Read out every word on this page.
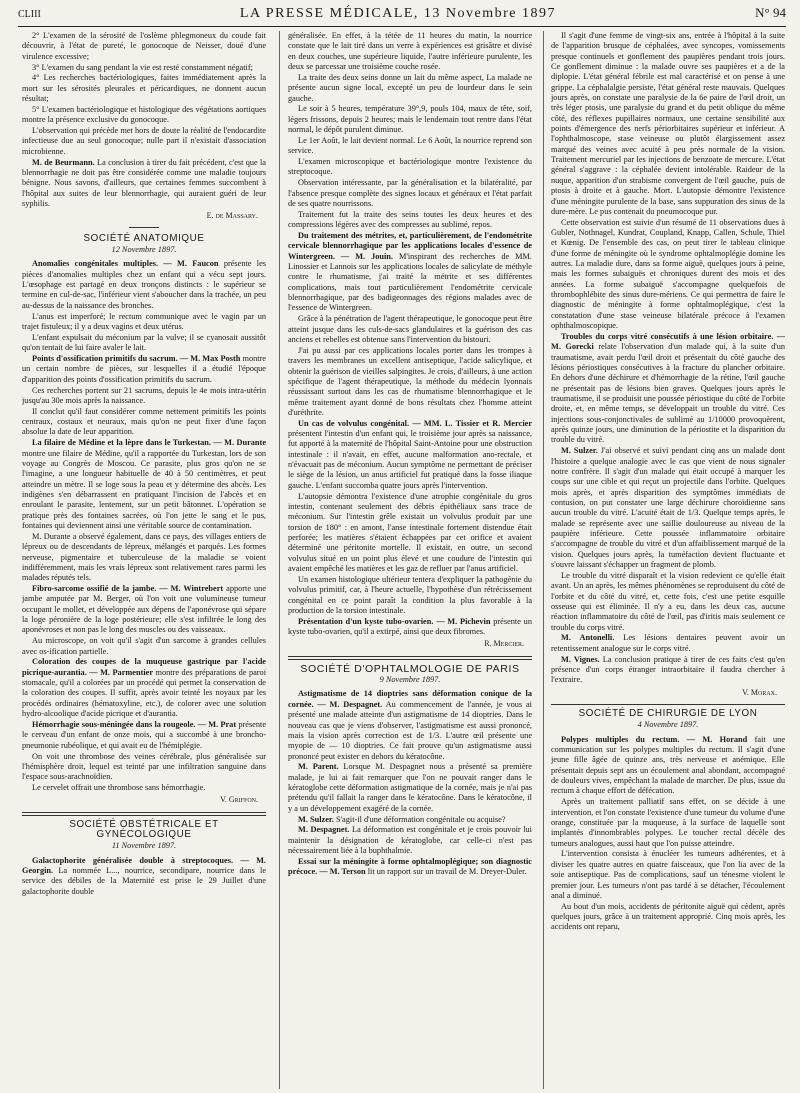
CLIII	LA PRESSE MÉDICALE, 13 Novembre 1897	N° 94

2° L'examen de la sérosité de l'oslème phlegmoneux du coude fait découvrir, à l'état de pureté, le gonocoque de Neisser, doué d'une virulence excessive;

3° L'examen du sang pendant la vie est resté constamment négatif;

4° Les recherches bactériologiques, faites immédiatement après la mort sur les sérosités pleurales et péricardiques, ne donnent aucun résultat;

5° L'examen bactériologique et histologique des végétations aortiques montre la présence exclusive du gonocoque.

L'observation qui précède met hors de doute la réalité de l'endocardite infectieuse due au seul gonocoque; nulle part il n'existait d'association microbienne.

M. de Beurmann. La conclusion à tirer du fait précédent, c'est que la blennorrhagie ne doit pas être considérée comme une maladie toujours bénigne. Nous savons, d'ailleurs, que certaines femmes succombent à l'hôpital aux suites de leur blennorrhagie, qui auraient guéri de leur syphilis.

E. de Massary.

SOCIÉTÉ ANATOMIQUE

12 Novembre 1897.

Anomalies congénitales multiples. — M. Faucon présente les pièces d'anomalies multiples chez un enfant qui a vécu sept jours. L'œsophage est partagé en deux tronçons distincts : le supérieur se termine en cul-de-sac, l'inférieur vient s'aboucher dans la trachée, un peu au-dessus de la naissance des bronches.

L'anus est imperforé; le rectum communique avec le vagin par un trajet fistuleux; il y a deux vagins et deux utérus.

L'enfant expulsait du méconium par la vulve; il se cyanosait aussitôt qu'on tentait de lui faire avaler le lait.

Points d'ossification primitifs du sacrum. — M. Max Posth montre un certain nombre de pièces, sur lesquelles il a étudié l'époque d'apparition des points d'ossification primitifs du sacrum.

Ces recherches portent sur 21 sacrums, depuis le 4e mois intra-utérin jusqu'au 30e mois après la naissance.

Il conclut qu'il faut considérer comme nettement primitifs les points centraux, costaux et neuraux, mais qu'on ne peut fixer d'une façon absolue la date de leur apparition.

La filaire de Médine et la lèpre dans le Turkestan. — M. Durante montre une filaire de Médine, qu'il a rapportée du Turkestan, lors de son voyage au Congrès de Moscou. Ce parasite, plus gros qu'on ne se l'imagine, a une longueur habituelle de 40 à 50 centimètres, et peut atteindre un mètre. Il se loge sous la peau et y détermine des abcès. Les indigènes s'en débarrassent en pratiquant l'incision de l'abcès et en enroulant le parasite, lentement, sur un petit bâtonnet. L'opération se pratique près des fontaines sacrées, où l'on jette le sang et le pus, fontaines qui deviennent ainsi une véritable source de contamination.

M. Durante a observé également, dans ce pays, des villages entiers de lépreux ou de descendants de lépreux, mélangés et parqués. Les formes nerveuse, pigmentaire et tuberculeuse de la maladie se voient indifféremment, mais les vrais lépreux sont relativement rares parmi les malades réputés tels.

Fibro-sarcome ossifié de la jambe. — M. Wintrebert apporte une jambe amputée par M. Berger, où l'on voit une volumineuse tumeur occupant le mollet, et développée aux dépens de l'aponévrose qui sépare la loge péronière de la loge postérieure; elle s'est infiltrée le long des aponévroses et non pas le long des muscles ou des vaisseaux.

Au microscope, on voit qu'il s'agit d'un sarcome à grandes cellules avec os-ification partielle.

Coloration des coupes de la muqueuse gastrique par l'acide picrique-aurantia. — M. Parmentier montre des préparations de paroi stomacale, qu'il a colorées par un procédé qui permet la conservation de la coloration des coupes. Il suffit, après avoir teinté les noyaux par les procédés ordinaires (hématoxyline, etc.), de colorer avec une solution hydro-alcoolique d'acide picrique et d'aurantia.

Hémorrhagie sous-méningée dans la rougeole. — M. Prat présente le cerveau d'un enfant de onze mois, qui a succombé à une broncho-pneumonie rubéolique, et qui avait eu de l'hémiplégie.

On voit une thrombose des veines cérébrale, plus généralisée sur l'hémisphère droit, lequel est teinté par une infiltration sanguine dans l'espace sous-arachnoïdien.

Le cervelet offrait une thrombose sans hémorrhagie.

V. Griffon.

SOCIÉTÉ OBSTÉTRICALE ET GYNÉCOLOGIQUE

11 Novembre 1897.

Galactophorite généralisée double à streptocoques. — M. Georgin. La nommée L..., nourrice, secondipare, nourrice dans le service des débiles de la Maternité est prise le 29 Juillet d'une galactophorite double

généralisée. En effet, à la tétée de 11 heures du matin, la nourrice constate que le lait tiré dans un verre à expériences est grisâtre et divisé en deux couches, une supérieure liquide, l'autre inférieure purulente, les deux se parcessar une troisième couche rosée.

La traite des deux seins donne un lait du même aspect, La malade ne présente aucun signe local, excepté un peu de lourdeur dans le sein gauche.

Le soir à 5 heures, température 39°,9, pouls 104, maux de tête, soif, légers frissons, depuis 2 heures; mais le lendemain tout rentre dans l'état normal, le dépôt purulent diminue.

Le 1er Août, le lait devient normal. Le 6 Août, la nourrice reprend son service.

L'examen microscopique et bactériologique montre l'existence du streptocoque.

Observation intéressante, par la généralisation et la bilatéralité, par l'absence presque complète des signes locaux et généraux et l'état parfait de ses quatre nourrissons.

Traitement fut la traite des seins toutes les deux heures et des compressions légères avec des compresses au sublimé, repos.

Du traitement des métrites, et, particulièrement, de l'endométrite cervicale blennorrhagique par les applications locales d'essence de Wintergreen. — M. Jouin. M'inspirant des recherches de MM. Linossier et Lannois sur les applications locales de salicylate de méthyle contre le rhumatisme, j'ai traité la métrite et ses différentes complications, mais tout particulièrement l'endométrite cervicale blennorrhagique, par des badigeonnages des régions malades avec de l'essence de Wintergreen.

Grâce à la pénétration de l'agent thérapeutique, le gonocoque peut être atteint jusque dans les culs-de-sacs glandulaires et la guérison des cas anciens et rebelles est obtenue sans l'intervention du bistouri.

J'ai pu aussi par ces applications locales porter dans les trompes à travers les membranes un excellent antiseptique, l'acide salicylique, et obtenir la guérison de vieilles salpingites. Je crois, d'ailleurs, à une action spécifique de l'agent thérapeutique, la méthode du médecin lyonnais réussissant surtout dans les cas de rhumatisme blennorrhagique et le même traitement ayant donné de bons résultats chez l'homme atteint d'uréthrite.

Un cas de volvulus congénital. — MM. L. Tissier et R. Mercier présentent l'intestin d'un enfant qui, le troisième jour après sa naissance, fut apporté à la maternité de l'hôpital Saint-Antoine pour une obstruction intestinale : il n'avait, en effet, aucune malformation ano-rectale, et n'évacuait pas de méconium. Aucun symptôme ne permettant de préciser le siège de la lésion, un anus artificiel fut pratiqué dans la fosse iliaque gauche. L'enfant succomba quatre jours après l'intervention.

L'autopsie démontra l'existence d'une atrophie congénitale du gros intestin, contenant seulement des débris épithéliaux sans trace de méconium. Sur l'intestin grêle existait un volvulus produit par une torsion de 180° : en amont, l'anse intestinale fortement distendue était perforée; les matières s'étaient échappées par cet orifice et avaient déterminé une péritonite mortelle. Il existait, en outre, un second volvulus situé en un point plus élevé et une coudure de l'intestin qui avaient empêché les matières et les gaz de refluer par l'anus artificiel.

Un examen histologique ultérieur tentera d'expliquer la pathogénie du volvulus primitif, car, à l'heure actuelle, l'hypothèse d'un rétrécissement congénital en ce point paraît la condition la plus favorable à la production de la torsion intestinale.

Présentation d'un kyste tubo-ovarien. — M. Pichevin présente un kyste tubo-ovarien, qu'il a extirpé, ainsi que deux fibromes.

R. Mercier.

SOCIÉTÉ D'OPHTALMOLOGIE DE PARIS

9 Novembre 1897.

Astigmatisme de 14 dioptries sans déformation conique de la cornée. — M. Despagnet. Au commencement de l'année, je vous ai présenté une malade atteinte d'un astigmatisme de 14 dioptries. Dans le nouveau cas que je viens d'observer, l'astigmatisme est aussi prononcé, mais la vision après correction est de 1/3. L'autre œil présente une myopie de — 10 dioptries. Ce fait prouve qu'un astigmatisme aussi prononcé peut exister en dehors du kératocône.

M. Parent. Lorsque M. Despagnet nous a présenté sa première malade, je lui ai fait remarquer que l'on ne pouvait ranger dans le kératoglobe cette déformation astigmatique de la cornée, mais je n'ai pas prétendu qu'il fallait la ranger dans le kératocône. Dans le kératocône, il y a un développement exagéré de la cornée.

M. Sulzer. S'agit-il d'une déformation congénitale ou acquise?

M. Despagnet. La déformation est congénitale et je crois pouvoir lui maintenir la désignation de kératoglobe, car celle-ci n'est pas nécessairement liée à la buphthalmie.

Essai sur la méningite à forme ophtalmoplégique; son diagnostic précoce. — M. Terson lit un rapport sur un travail de M. Dreyer-Duler.

Il s'agit d'une femme de vingt-six ans, entrée à l'hôpital à la suite de l'apparition brusque de céphalées, avec syncopes, vomissements presque continuels et gonflement des paupières pendant trois jours. Ce gonflement diminue : la malade ouvre ses paupières et a de la diplopie. L'état général fébrile est mal caractérisé et on pense à une grippe. La céphalalgie persiste, l'état général reste mauvais. Quelques jours après, on constate une paralysie de la 6e paire de l'œil droit, un très léger ptosis, une paralysie du grand et du petit oblique du même côté, des réflexes pupillaires normaux, une certaine sensibilité aux points d'émergence des nerfs périorbitaires supérieur et inférieur. A l'ophthalmoscope, stase veineuse ou plutôt élargissement assez marqué des veines avec acuité à peu près normale de la vision. Traitement mercuriel par les injections de benzoate de mercure. L'état général s'aggrave : la céphalée devient intolérable. Raideur de la nuque, apparition d'un strabisme convergent de l'œil gauche, puis de ptosis à droite et à gauche. Mort. L'autopsie démontre l'existence d'une méningite purulente de la base, sans suppuration des sinus de la dure-mère. Le pus contenait du pneumocoque pur.

Cette observation est suivie d'un résumé de 11 observations dues à Gubler, Nothnagel, Kundrat, Coupland, Knapp, Callen, Schule, Thiel et Kœnig. De l'ensemble des cas, on peut tirer le tableau clinique d'une forme de méningite où le syndrome ophtalmoplégie domine les autres. La maladie dure, dans sa forme aiguë, quelques jours à peine, mais les formes subaiguës et chroniques durent des mois et des années. La forme subaiguë s'accompagne quelquefois de thrombophlébite des sinus dure-mériens. Ce qui permettra de faire le diagnostic de méningite à forme ophtalmoplégique, c'est la constatation d'une stase veineuse bilatérale précoce à l'examen ophthalmoscopique.

Troubles du corps vitré consécutifs à une lésion orbitaire. — M. Gorecki relate l'observation d'un malade qui, à la suite d'un traumatisme, avait perdu l'œil droit et présentait du côté gauche des lésions périostiques consécutives à la fracture du plancher orbitaire. En dehors d'une déchirure et d'hémorrhagie de la rétine, l'œil gauche ne présentait pas de lésions bien graves. Quelques jours après le traumatisme, il se produisit une poussée périostique du côté de l'orbite droite, et, en même temps, se développait un trouble du vitré. Ces injections sous-conjonctivales de sublimé au 1/10000 provoquèrent, après quinze jours, une diminution de la périostite et la disparition du trouble du vitré.

M. Sulzer. J'ai observé et suivi pendant cinq ans un malade dont l'histoire a quelque analogie avec le cas que vient de nous signaler notre confrère. Il s'agit d'un malade qui était occupé à marquer les coups sur une cible et qui reçut un projectile dans l'orbite. Quelques mois après, et après disparition des symptômes immédiats de contusion, on put constater une large déchirure choroïdienne sans aucun trouble du vitré. L'acuité était de 1/3. Quelque temps après, le malade se représente avec une saillie douloureuse au niveau de la paupière inférieure. Cette poussée inflammatoire orbitaire s'accompagne de trouble du vitré et d'un affaiblissement marqué de la vision. Quelques jours après, la tuméfaction devient fluctuante et s'ouvre laissant s'échapper un fragment de plomb.

Le trouble du vitré disparaît et la vision redevient ce qu'elle était avant. Un an après, les mêmes phénomènes se reproduisent du côté de l'orbite et du côté du vitré, et, cette fois, c'est une petite esquille osseuse qui est éliminée. Il n'y a eu, dans les deux cas, aucune réaction inflammatoire du côté de l'œil, pas d'iritis mais seulement ce trouble du corps vitré.

M. Antonelli. Les lésions dentaires peuvent avoir un retentissement analogue sur le corps vitré.

M. Vignes. La conclusion pratique à tirer de ces faits c'est qu'en présence d'un corps étranger intraorbitaire il faudra chercher à l'extraire.

V. Morax.

SOCIÉTÉ DE CHIRURGIE DE LYON

4 Novembre 1897.

Polypes multiples du rectum. — M. Horand fait une communication sur les polypes multiples du rectum. Il s'agit d'une jeune fille âgée de quinze ans, très nerveuse et anémique. Elle présentait depuis sept ans un écoulement anal abondant, accompagné de douleurs vives, empêchant la malade de marcher. De plus, issue du rectum à chaque effort de défécation.

Après un traitement palliatif sans effet, on se décide à une intervention, et l'on constate l'existence d'une tumeur du volume d'une orange, constituée par la muqueuse, à la surface de laquelle sont implantés d'innombrables polypes. Le toucher rectal décèle des tumeurs analogues, aussi haut que l'on puisse atteindre.

L'intervention consista à énucléer les tumeurs adhérentes, et à diviser les quatre autres en quatre faisceaux, que l'on lia avec de la soie antiseptique. Pas de complications, sauf un ténesme violent le premier jour. Les tumeurs n'ont pas tardé à se détacher, l'écoulement anal a diminué.

Au bout d'un mois, accidents de péritonite aiguë qui cèdent, après quelques jours, grâce à un traitement approprié. Cinq mois après, les accidents ont reparu,
